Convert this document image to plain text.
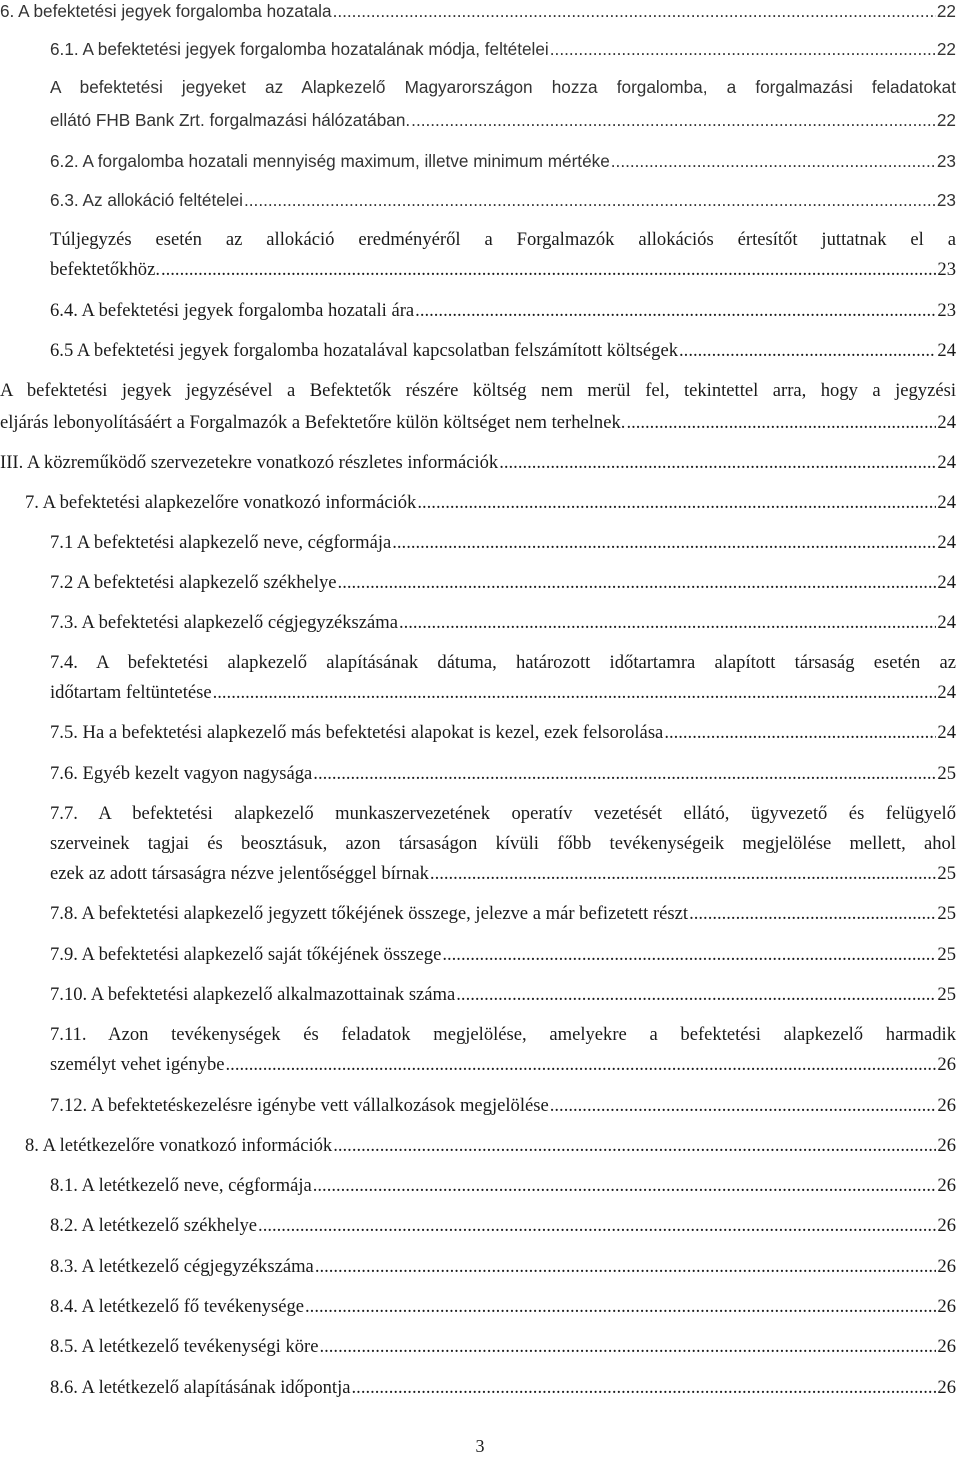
6. A befektetési jegyek forgalomba hozatala .....	22
6.1. A befektetési jegyek forgalomba hozatalának módja, feltételei .....	22
A befektetési jegyeket az Alapkezelő Magyarországon hozza forgalomba, a forgalmazási feladatokat
ellátó FHB Bank Zrt. forgalmazási hálózatában. .....	22
6.2. A forgalomba hozatali mennyiség maximum, illetve minimum mértéke .....	23
6.3. Az allokáció feltételei .....	23
Túljegyzés esetén az allokáció eredményéről a Forgalmazók allokációs értesítőt juttatnak el a
befektetőkhöz. .....	23
6.4. A befektetési jegyek forgalomba hozatali ára .....	23
6.5 A befektetési jegyek forgalomba hozatalával kapcsolatban felszámított költségek .....	24
A befektetési jegyek jegyzésével a Befektetők részére költség nem merül fel, tekintettel arra, hogy a jegyzési
eljárás lebonyolításáért a Forgalmazók a Befektetőre külön költséget nem terhelnek. .....	24
III. A közreműködő szervezetekre vonatkozó részletes információk .....	24
7. A befektetési alapkezelőre vonatkozó információk .....	24
7.1 A befektetési alapkezelő neve, cégformája .....	24
7.2 A befektetési alapkezelő székhelye .....	24
7.3. A befektetési alapkezelő cégjegyzékszáma .....	24
7.4. A befektetési alapkezelő alapításának dátuma, határozott időtartamra alapított társaság esetén az
időtartam feltüntetése .....	24
7.5. Ha a befektetési alapkezelő más befektetési alapokat is kezel, ezek felsorolása .....	24
7.6. Egyéb kezelt vagyon nagysága .....	25
7.7. A befektetési alapkezelő munkaszervezetének operatív vezetését ellátó, ügyvezető és felügyelő
szerveinek tagjai és beosztásuk, azon társaságon kívüli főbb tevékenységeik megjelölése mellett, ahol
ezek az adott társaságra nézve jelentőséggel bírnak .....	25
7.8. A befektetési alapkezelő jegyzett tőkéjének összege, jelezve a már befizetett részt .....	25
7.9. A befektetési alapkezelő saját tőkéjének összege .....	25
7.10. A befektetési alapkezelő alkalmazottainak száma .....	25
7.11. Azon tevékenységek és feladatok megjelölése, amelyekre a befektetési alapkezelő harmadik
személyt vehet igénybe .....	26
7.12. A befektetéskezelésre igénybe vett vállalkozások megjelölése .....	26
8. A letétkezelőre vonatkozó információk .....	26
8.1. A letétkezelő neve, cégformája .....	26
8.2. A letétkezelő székhelye .....	26
8.3. A letétkezelő cégjegyzékszáma .....	26
8.4. A letétkezelő fő tevékenysége .....	26
8.5. A letétkezelő tevékenységi köre .....	26
8.6. A letétkezelő alapításának időpontja .....	26
3
